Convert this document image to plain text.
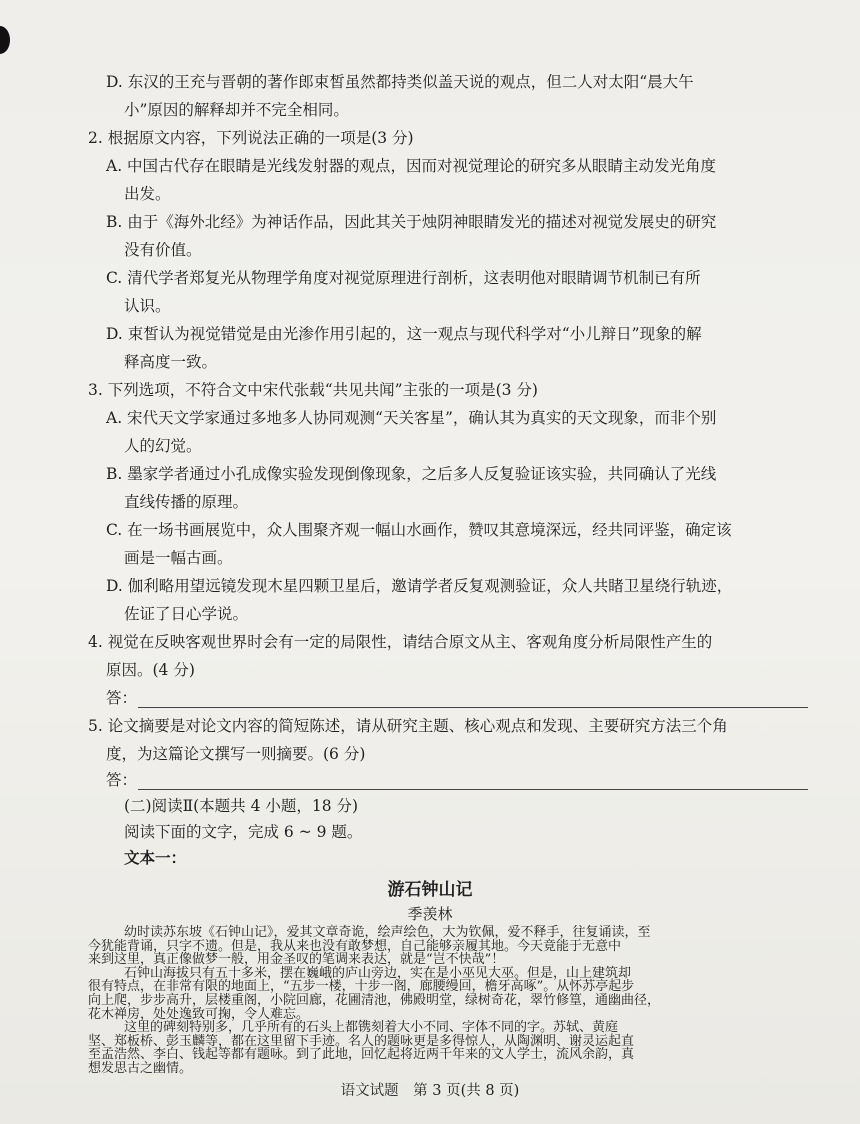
D. 东汉的王充与晋朝的著作郎束皙虽然都持类似盖天说的观点，但二人对太阳“晨大午
小”原因的解释却并不完全相同。
2. 根据原文内容，下列说法正确的一项是(3 分)
A. 中国古代存在眼睛是光线发射器的观点，因而对视觉理论的研究多从眼睛主动发光角度
出发。
B. 由于《海外北经》为神话作品，因此其关于烛阴神眼睛发光的描述对视觉发展史的研究
没有价值。
C. 清代学者郑复光从物理学角度对视觉原理进行剖析，这表明他对眼睛调节机制已有所
认识。
D. 束皙认为视觉错觉是由光渗作用引起的，这一观点与现代科学对“小儿辩日”现象的解
释高度一致。
3. 下列选项，不符合文中宋代张载“共见共闻”主张的一项是(3 分)
A. 宋代天文学家通过多地多人协同观测“天关客星”，确认其为真实的天文现象，而非个别
人的幻觉。
B. 墨家学者通过小孔成像实验发现倒像现象，之后多人反复验证该实验，共同确认了光线
直线传播的原理。
C. 在一场书画展览中，众人围聚齐观一幅山水画作，赞叹其意境深远，经共同评鉴，确定该
画是一幅古画。
D. 伽利略用望远镜发现木星四颗卫星后，邀请学者反复观测验证，众人共睹卫星绕行轨迹，
佐证了日心学说。
4. 视觉在反映客观世界时会有一定的局限性，请结合原文从主、客观角度分析局限性产生的
原因。(4 分)
答：
5. 论文摘要是对论文内容的简短陈述，请从研究主题、核心观点和发现、主要研究方法三个角
度，为这篇论文撰写一则摘要。(6 分)
答：
(二)阅读Ⅱ(本题共 4 小题，18 分)
阅读下面的文字，完成 6 ~ 9 题。
文本一：
游石钟山记
季羡林
语文试题　第 3 页(共 8 页)
幼时读苏东坡《石钟山记》，爱其文章奇诡，绘声绘色，大为钦佩，爱不释手，往复诵读，至
今犹能背诵，只字不遗。但是，我从来也没有敢梦想，自己能够亲履其地。今天竟能于无意中
来到这里，真正像做梦一般，用金圣叹的笔调来表达，就是“岂不快哉”！
石钟山海拔只有五十多米，摆在巍峨的庐山旁边，实在是小巫见大巫。但是，山上建筑却
很有特点，在非常有限的地面上，“五步一楼，十步一阁，廊腰缦回，檐牙高啄”。从怀苏亭起步
向上爬，步步高升，层楼重阁，小院回廊，花圃清池，佛殿明堂，绿树奇花，翠竹修篁，通幽曲径，
花木禅房，处处逸致可掬，令人难忘。
这里的碑刻特别多，几乎所有的石头上都镌刻着大小不同、字体不同的字。苏轼、黄庭
坚、郑板桥、彭玉麟等，都在这里留下手迹。名人的题咏更是多得惊人，从陶渊明、谢灵运起直
至孟浩然、李白、钱起等都有题咏。到了此地，回忆起将近两千年来的文人学士，流风余韵，真
想发思古之幽情。
